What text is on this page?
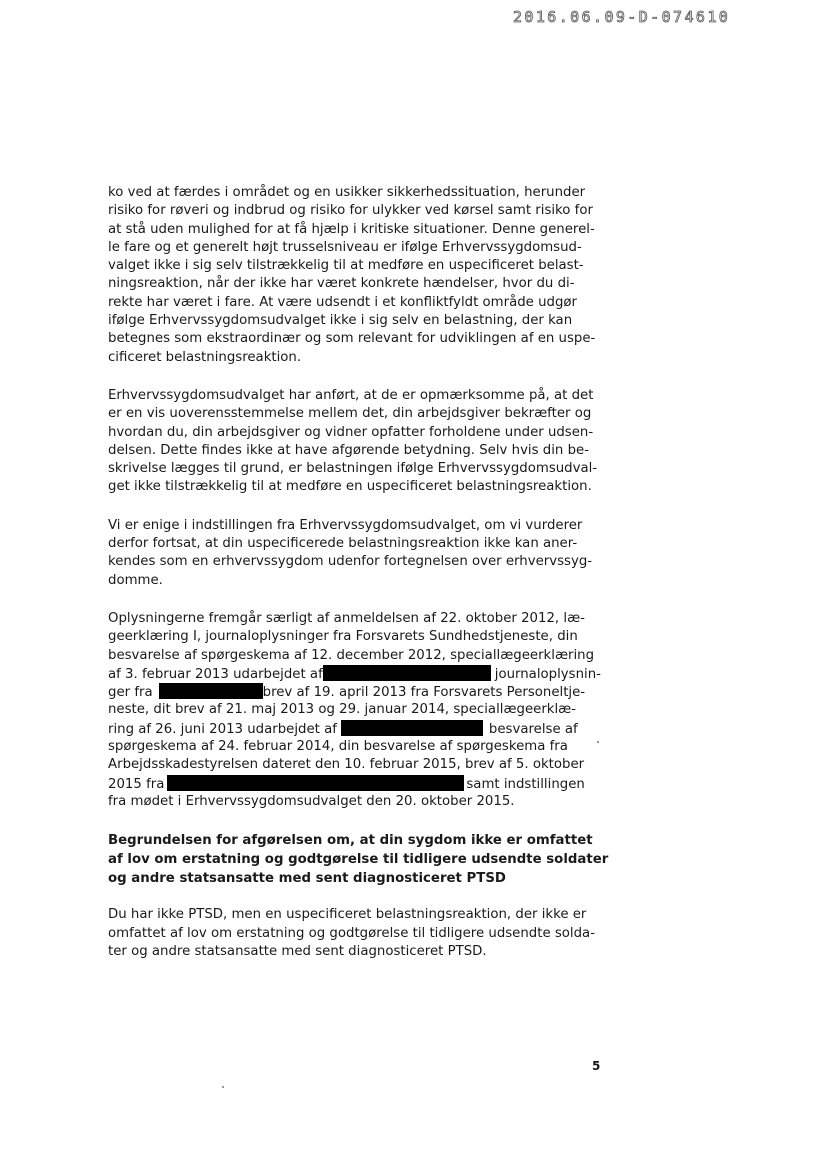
2016.06.09-D-074610
ko ved at færdes i området og en usikker sikkerhedssituation, herunder
risiko for røveri og indbrud og risiko for ulykker ved kørsel samt risiko for
at stå uden mulighed for at få hjælp i kritiske situationer. Denne generel-
le fare og et generelt højt trusselsniveau er ifølge Erhvervssygdomsud-
valget ikke i sig selv tilstrækkelig til at medføre en uspecificeret belast-
ningsreaktion, når der ikke har været konkrete hændelser, hvor du di-
rekte har været i fare. At være udsendt i et konfliktfyldt område udgør
ifølge Erhvervssygdomsudvalget ikke i sig selv en belastning, der kan
betegnes som ekstraordinær og som relevant for udviklingen af en uspe-
cificeret belastningsreaktion.
Erhvervssygdomsudvalget har anført, at de er opmærksomme på, at det
er en vis uoverensstemmelse mellem det, din arbejdsgiver bekræfter og
hvordan du, din arbejdsgiver og vidner opfatter forholdene under udsen-
delsen. Dette findes ikke at have afgørende betydning. Selv hvis din be-
skrivelse lægges til grund, er belastningen ifølge Erhvervssygdomsudval-
get ikke tilstrækkelig til at medføre en uspecificeret belastningsreaktion.
Vi er enige i indstillingen fra Erhvervssygdomsudvalget, om vi vurderer
derfor fortsat, at din uspecificerede belastningsreaktion ikke kan aner-
kendes som en erhvervssygdom udenfor fortegnelsen over erhvervssyg-
domme.
Oplysningerne fremgår særligt af anmeldelsen af 22. oktober 2012, læ-
geerklæring I, journaloplysninger fra Forsvarets Sundhedstjeneste, din
besvarelse af spørgeskema af 12. december 2012, speciallægeerklæring
af 3. februar 2013 udarbejdet af	journaloplysnin-
ger fra	brev af 19. april 2013 fra Forsvarets Personeltje-
neste, dit brev af 21. maj 2013 og 29. januar 2014, speciallægeerklæ-
ring af 26. juni 2013 udarbejdet af	besvarelse af
spørgeskema af 24. februar 2014, din besvarelse af spørgeskema fra
Arbejdsskadestyrelsen dateret den 10. februar 2015, brev af 5. oktober
2015 fra	samt indstillingen
fra mødet i Erhvervssygdomsudvalget den 20. oktober 2015.
Begrundelsen for afgørelsen om, at din sygdom ikke er omfattet
af lov om erstatning og godtgørelse til tidligere udsendte soldater
og andre statsansatte med sent diagnosticeret PTSD
Du har ikke PTSD, men en uspecificeret belastningsreaktion, der ikke er
omfattet af lov om erstatning og godtgørelse til tidligere udsendte solda-
ter og andre statsansatte med sent diagnosticeret PTSD.
5
